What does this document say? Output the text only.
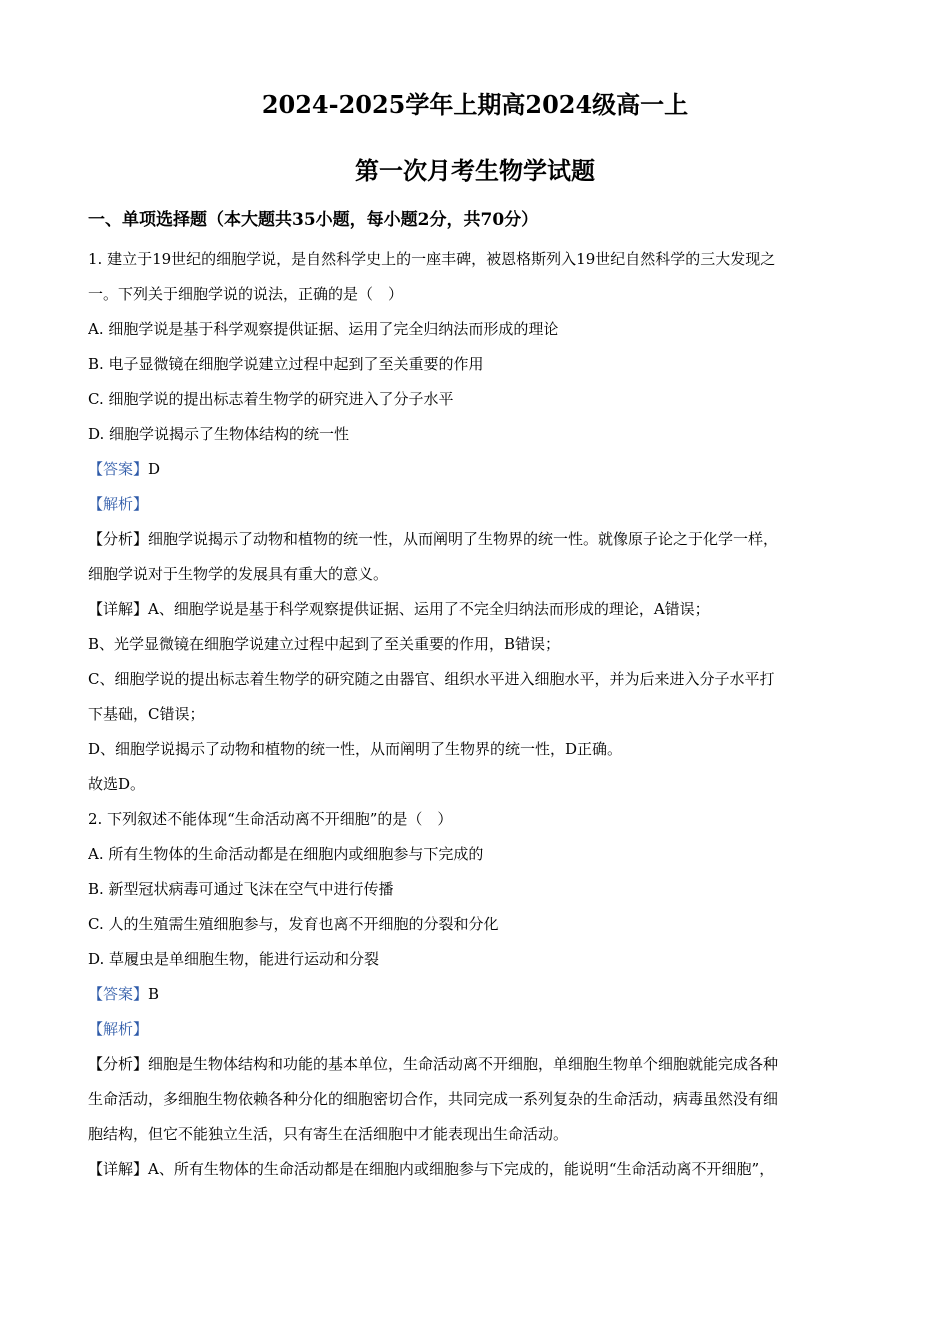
2024-2025学年上期高2024级高一上
第一次月考生物学试题
一、单项选择题（本大题共35小题，每小题2分，共70分）

1. 建立于19世纪的细胞学说，是自然科学史上的一座丰碑，被恩格斯列入19世纪自然科学的三大发现之

一。下列关于细胞学说的说法，正确的是（　）

A. 细胞学说是基于科学观察提供证据、运用了完全归纳法而形成的理论

B. 电子显微镜在细胞学说建立过程中起到了至关重要的作用

C. 细胞学说的提出标志着生物学的研究进入了分子水平

D. 细胞学说揭示了生物体结构的统一性

【答案】D

【解析】

【分析】细胞学说揭示了动物和植物的统一性，从而阐明了生物界的统一性。就像原子论之于化学一样，

细胞学说对于生物学的发展具有重大的意义。

【详解】A、细胞学说是基于科学观察提供证据、运用了不完全归纳法而形成的理论，A错误；

B、光学显微镜在细胞学说建立过程中起到了至关重要的作用，B错误；

C、细胞学说的提出标志着生物学的研究随之由器官、组织水平进入细胞水平，并为后来进入分子水平打

下基础，C错误；

D、细胞学说揭示了动物和植物的统一性，从而阐明了生物界的统一性，D正确。

故选D。

2. 下列叙述不能体现“生命活动离不开细胞”的是（　）

A. 所有生物体的生命活动都是在细胞内或细胞参与下完成的

B. 新型冠状病毒可通过飞沫在空气中进行传播

C. 人的生殖需生殖细胞参与，发育也离不开细胞的分裂和分化

D. 草履虫是单细胞生物，能进行运动和分裂

【答案】B

【解析】

【分析】细胞是生物体结构和功能的基本单位，生命活动离不开细胞，单细胞生物单个细胞就能完成各种

生命活动，多细胞生物依赖各种分化的细胞密切合作，共同完成一系列复杂的生命活动，病毒虽然没有细

胞结构，但它不能独立生活，只有寄生在活细胞中才能表现出生命活动。

【详解】A、所有生物体的生命活动都是在细胞内或细胞参与下完成的，能说明“生命活动离不开细胞”，
